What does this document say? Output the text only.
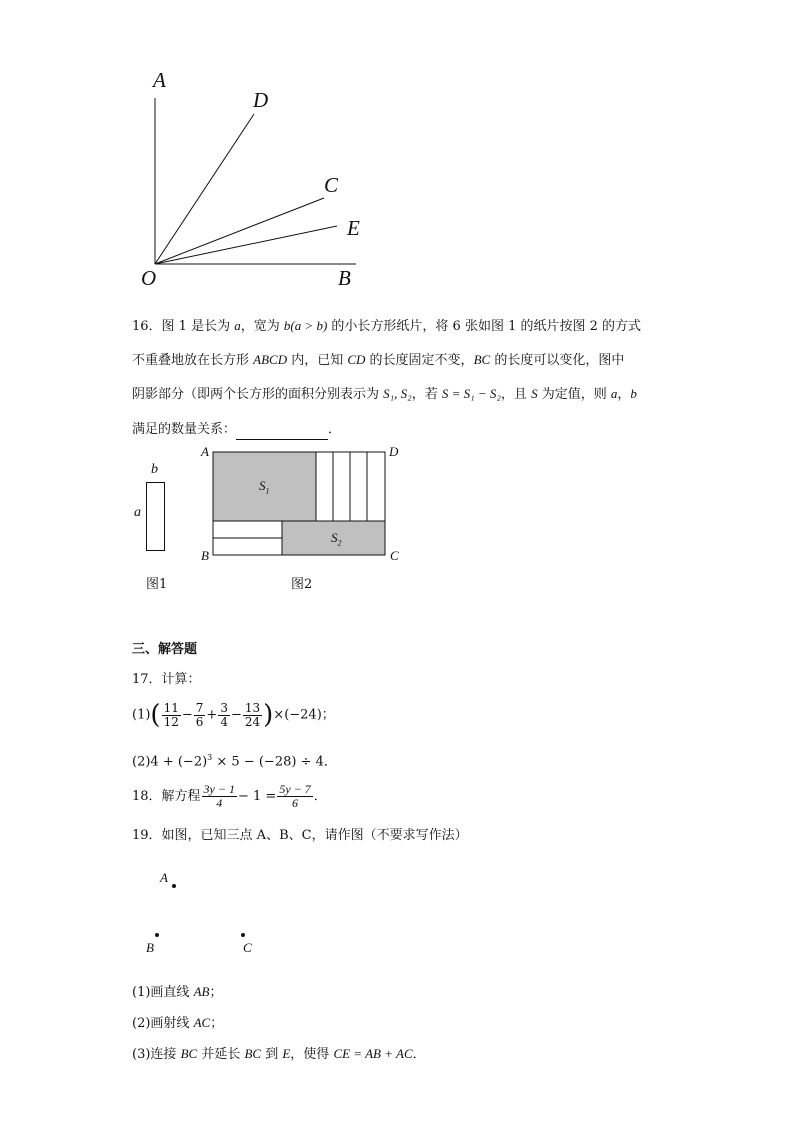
A
D
C
E
O	B
16．图 1 是长为 a，宽为 b(a > b) 的小长方形纸片，将 6 张如图 1 的纸片按图 2 的方式
不重叠地放在长方形 ABCD 内，已知 CD 的长度固定不变，BC 的长度可以变化，图中
阴影部分（即两个长方形的面积分别表示为 S₁, S₂，若 S = S₁ − S₂，且 S 为定值，则 a，b
满足的数量关系：	．
b
a
图1
A	D
B	C
$S_1$
$S_2$
图2
三、解答题
17．计算：
$(1)( \frac{11}{12} - \frac{7}{6} + \frac{3}{4} - \frac{13}{24} )\times(-24)$；
$(2)4 + (-2)^3 \times 5 - (-28) \div 4$．
18．解方程 $\frac{3y - 1}{4} - 1 = \frac{5y - 7}{6}$ ．
19．如图，已知三点 A、B、C，请作图（不要求写作法）
A
B	C
(1)画直线 AB；
(2)画射线 AC；
(3)连接 BC 并延长 BC 到 E，使得 CE = AB + AC．
